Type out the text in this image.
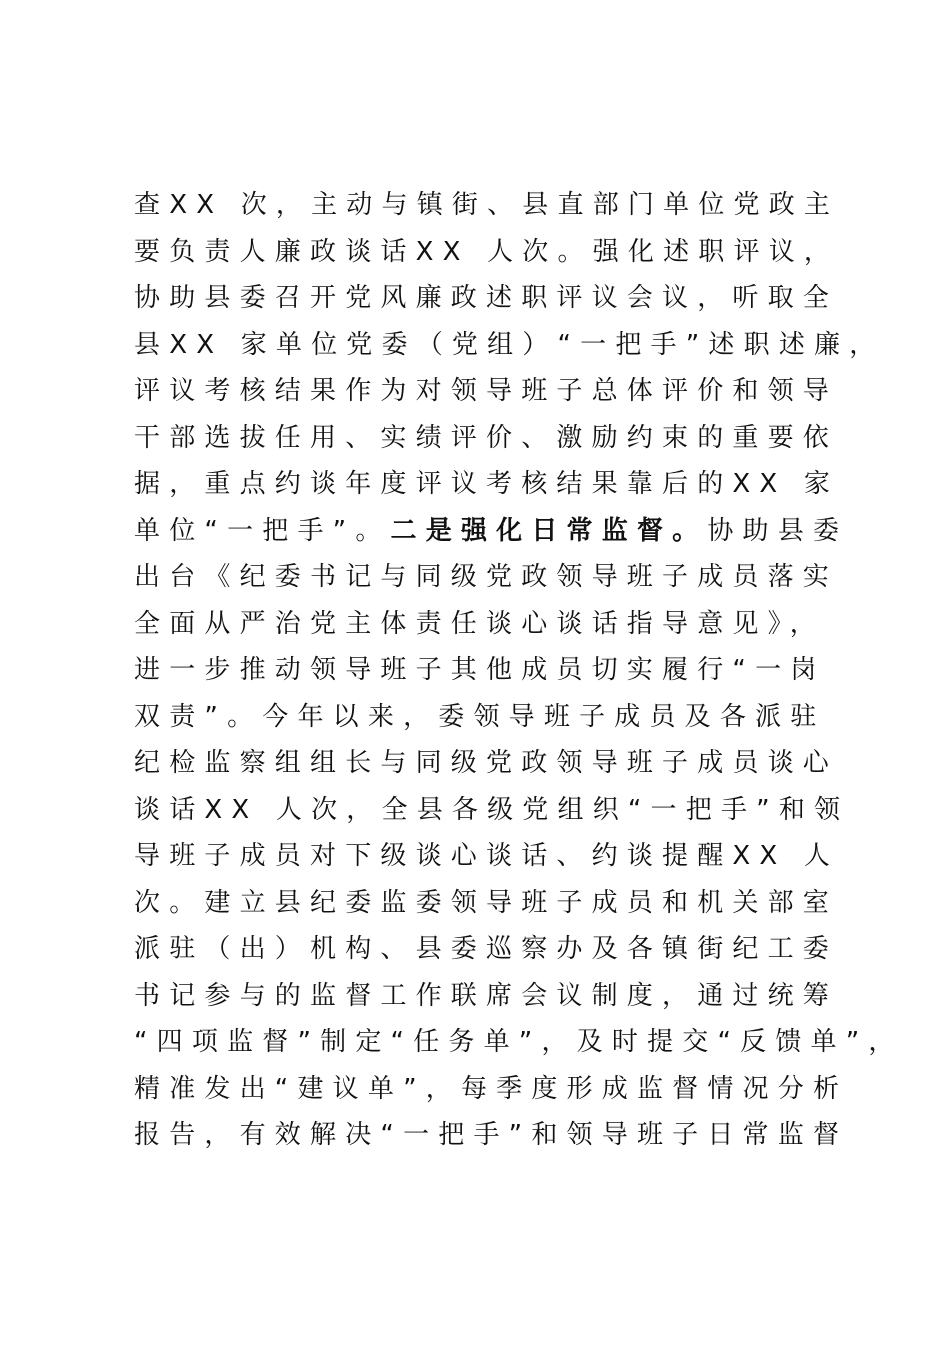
查XX 次，主动与镇街、县直部门单位党政主
要负责人廉政谈话XX 人次。强化述职评议，
协助县委召开党风廉政述职评议会议，听取全
县XX 家单位党委（党组）“一把手”述职述廉，
评议考核结果作为对领导班子总体评价和领导
干部选拔任用、实绩评价、激励约束的重要依
据，重点约谈年度评议考核结果靠后的XX 家
单位“一把手”。二是强化日常监督。协助县委
出台《纪委书记与同级党政领导班子成员落实
全面从严治党主体责任谈心谈话指导意见》，
进一步推动领导班子其他成员切实履行“一岗
双责”。今年以来，委领导班子成员及各派驻
纪检监察组组长与同级党政领导班子成员谈心
谈话XX 人次，全县各级党组织“一把手”和领
导班子成员对下级谈心谈话、约谈提醒XX 人
次。建立县纪委监委领导班子成员和机关部室
派驻（出）机构、县委巡察办及各镇街纪工委
书记参与的监督工作联席会议制度，通过统筹
“四项监督”制定“任务单”，及时提交“反馈单”，
精准发出“建议单”，每季度形成监督情况分析
报告，有效解决“一把手”和领导班子日常监督
